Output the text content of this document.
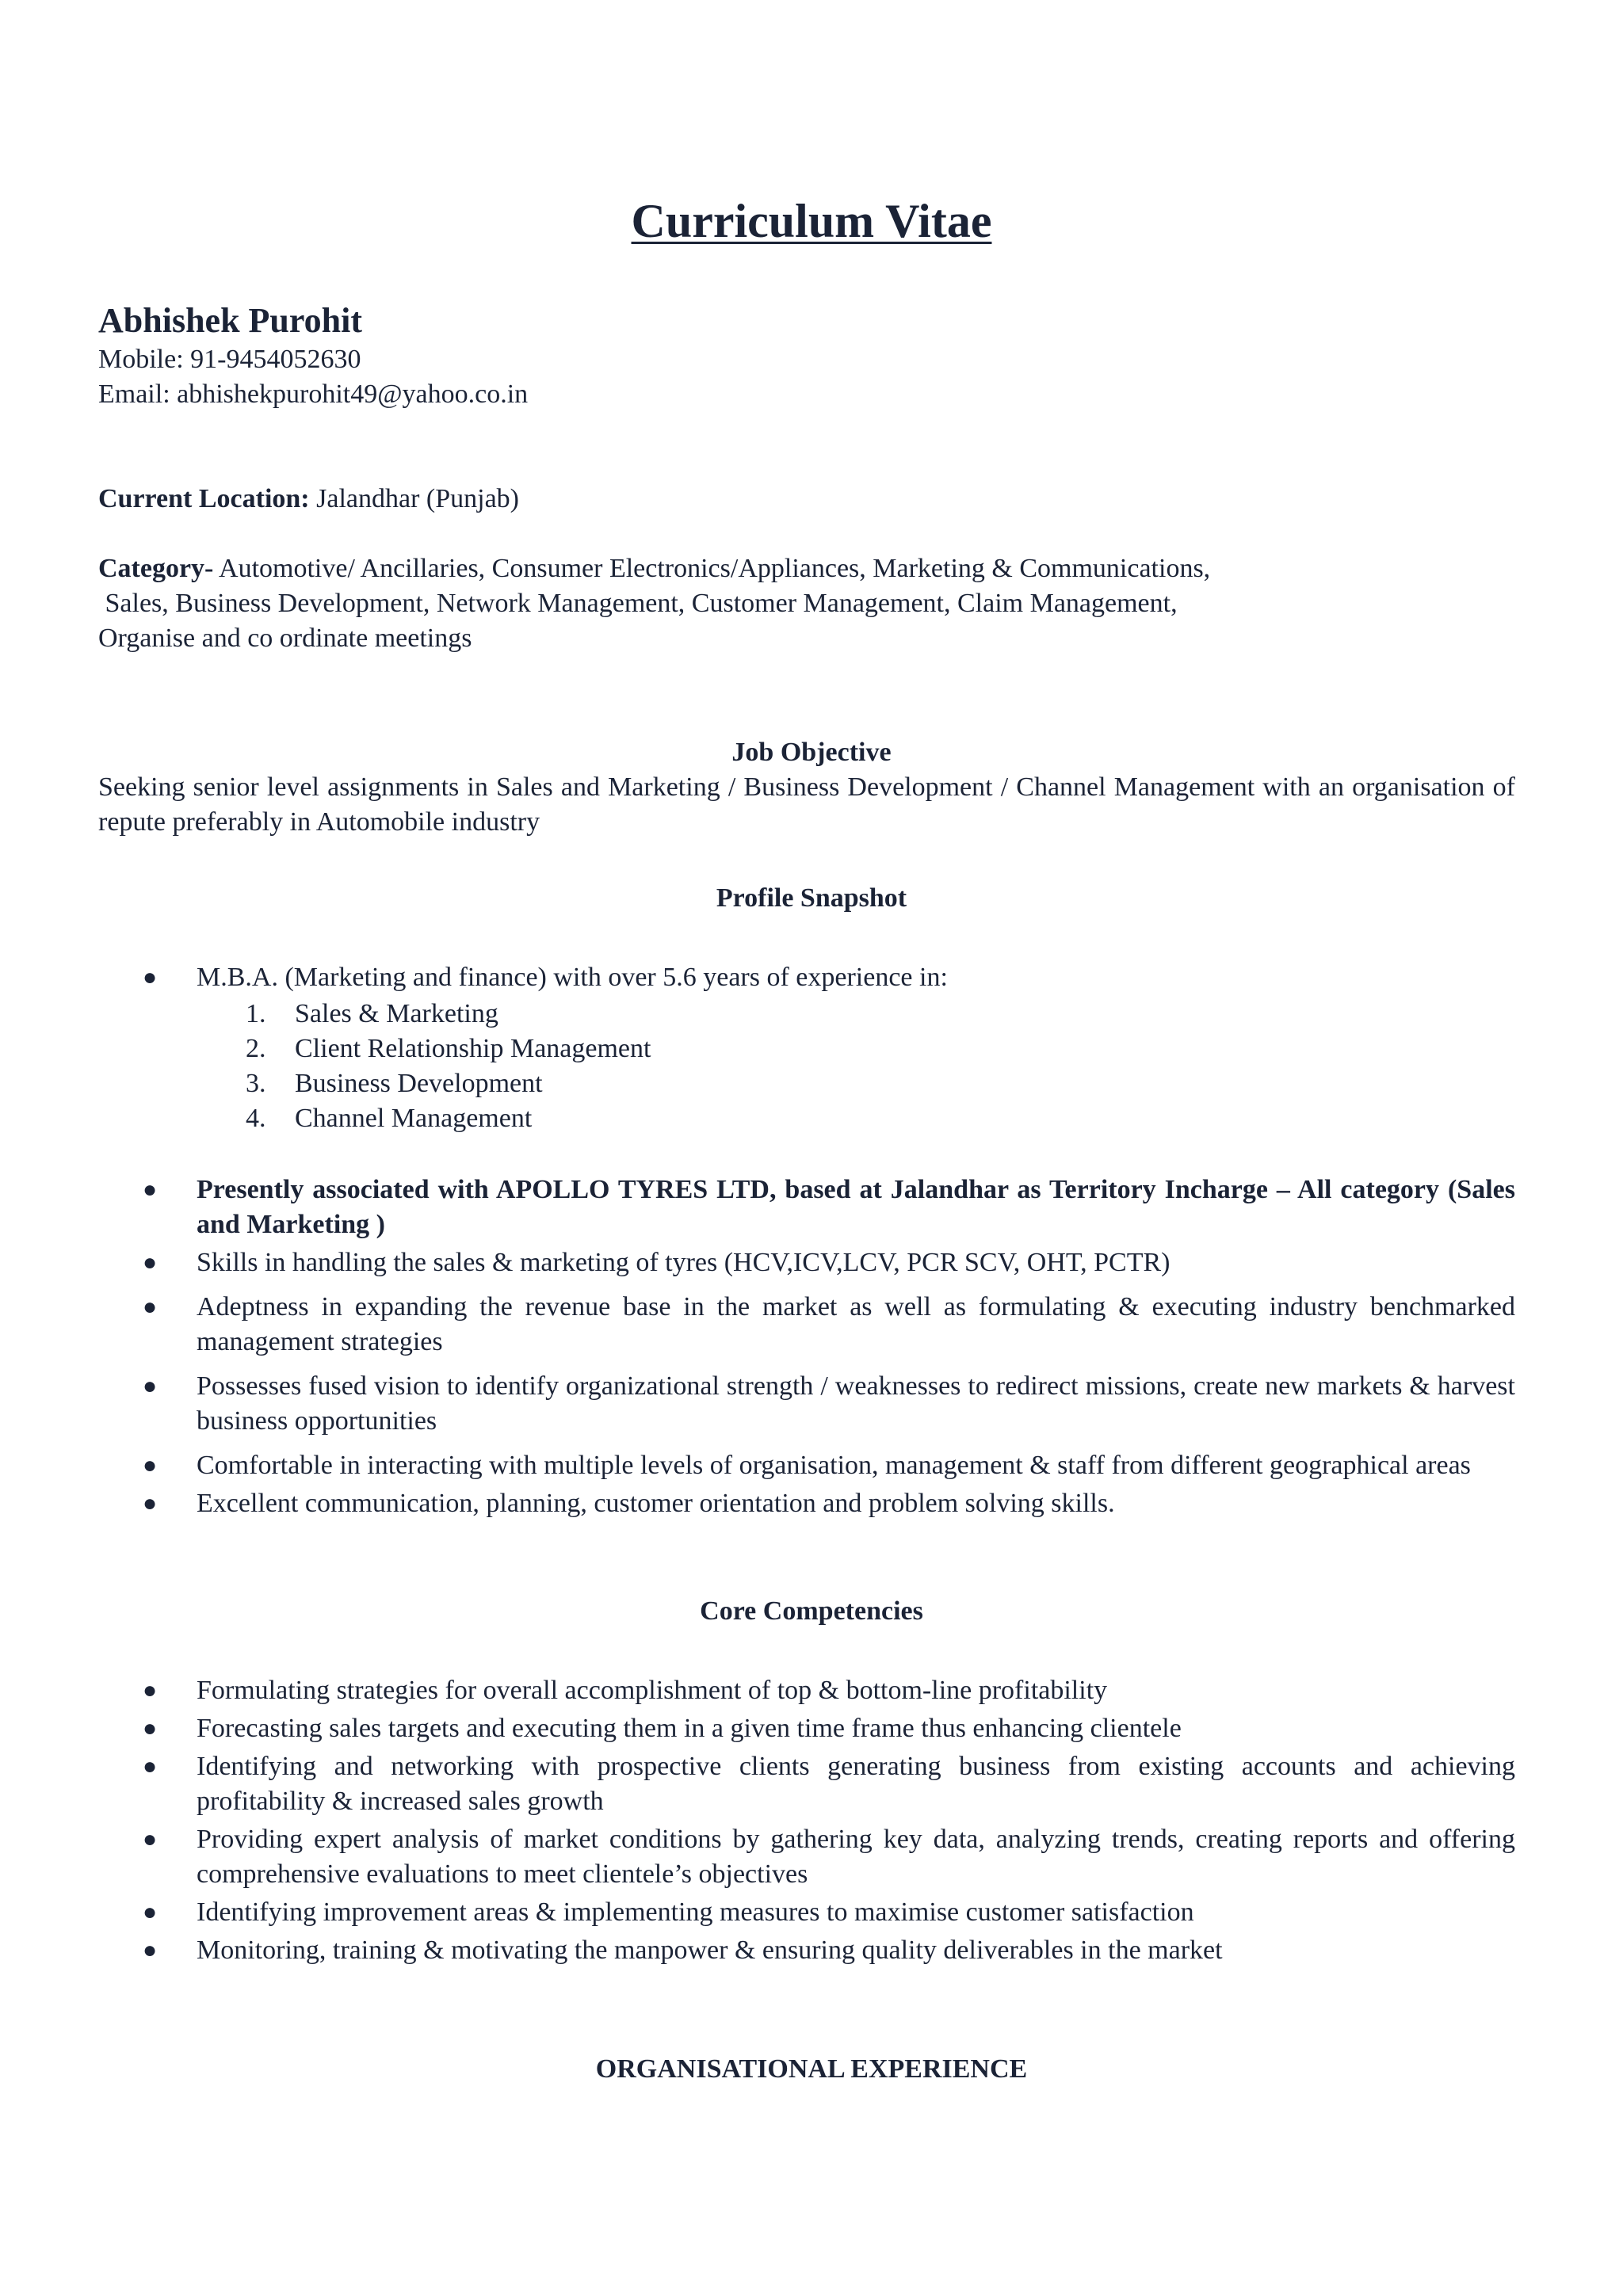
Curriculum Vitae
Abhishek Purohit
Mobile: 91-9454052630
Email: abhishekpurohit49@yahoo.co.in
Current Location: Jalandhar (Punjab)
Category- Automotive/ Ancillaries, Consumer Electronics/Appliances, Marketing & Communications,
Sales, Business Development, Network Management, Customer Management, Claim Management,
Organise and co ordinate meetings
Job Objective
Seeking senior level assignments in Sales and Marketing / Business Development / Channel Management with an organisation of repute preferably in Automobile industry
Profile Snapshot
● M.B.A. (Marketing and finance) with over 5.6 years of experience in:
1. Sales & Marketing
2. Client Relationship Management
3. Business Development
4. Channel Management
● Presently associated with APOLLO TYRES LTD, based at Jalandhar as Territory Incharge – All category (Sales and Marketing )
● Skills in handling the sales & marketing of tyres (HCV,ICV,LCV, PCR SCV, OHT, PCTR)
● Adeptness in expanding the revenue base in the market as well as formulating & executing industry benchmarked management strategies
● Possesses fused vision to identify organizational strength / weaknesses to redirect missions, create new markets & harvest business opportunities
● Comfortable in interacting with multiple levels of organisation, management & staff from different geographical areas
● Excellent communication, planning, customer orientation and problem solving skills.
Core Competencies
● Formulating strategies for overall accomplishment of top & bottom-line profitability
● Forecasting sales targets and executing them in a given time frame thus enhancing clientele
● Identifying and networking with prospective clients generating business from existing accounts and achieving profitability & increased sales growth
● Providing expert analysis of market conditions by gathering key data, analyzing trends, creating reports and offering comprehensive evaluations to meet clientele’s objectives
● Identifying improvement areas & implementing measures to maximise customer satisfaction
● Monitoring, training & motivating the manpower & ensuring quality deliverables in the market
ORGANISATIONAL EXPERIENCE
